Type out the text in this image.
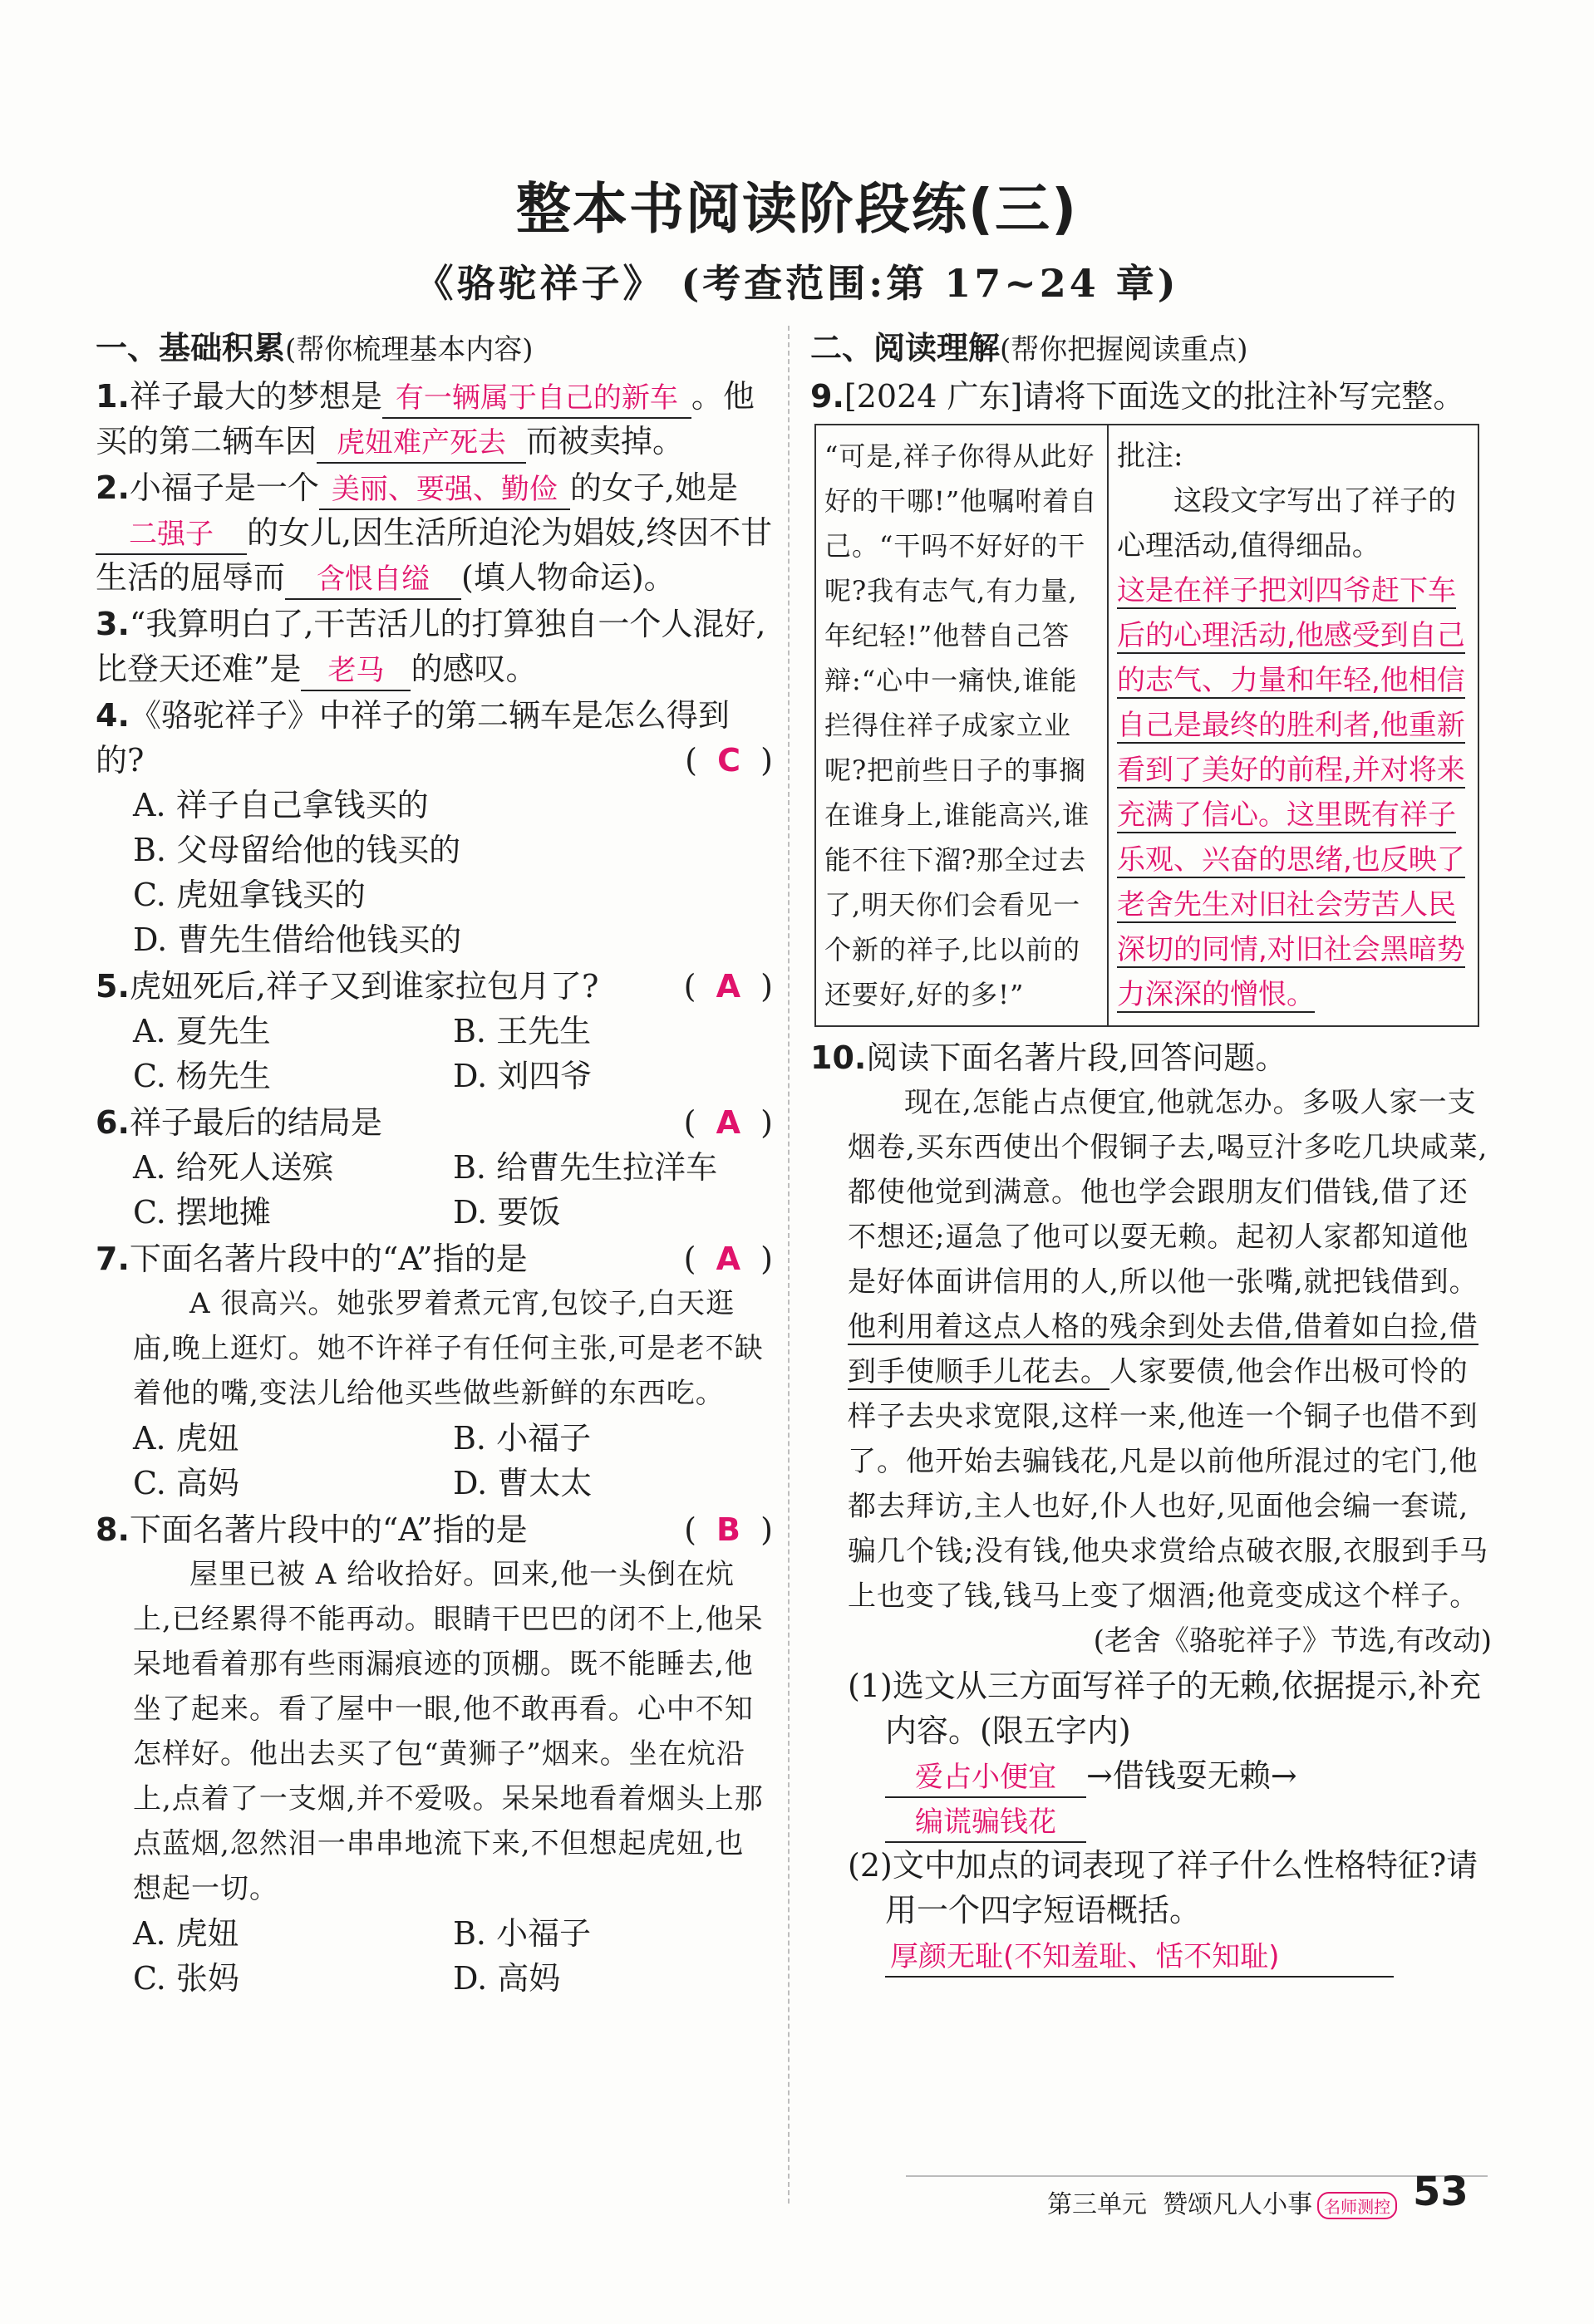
整本书阅读阶段练(三)
《骆驼祥子》 (考查范围:第 17~24 章)
一、基础积累(帮你梳理基本内容)
1.祥子最大的梦想是 有一辆属于自己的新车 。他买的第二辆车因 虎妞难产死去 而被卖掉。
2.小福子是一个 美丽、要强、勤俭 的女子,她是二强子 的女儿,因生活所迫沦为娼妓,终因不甘生活的屈辱而 含恨自缢 (填人物命运)。
3.“我算明白了,干苦活儿的打算独自一个人混好,比登天还难”是 老马 的感叹。
4.《骆驼祥子》中祥子的第二辆车是怎么得到的?	(  C  )
A. 祥子自己拿钱买的
B. 父母留给他的钱买的
C. 虎妞拿钱买的
D. 曹先生借给他钱买的
5.虎妞死后,祥子又到谁家拉包月了?	(  A  )
A. 夏先生	B. 王先生
C. 杨先生	D. 刘四爷
6.祥子最后的结局是	(  A  )
A. 给死人送殡	B. 给曹先生拉洋车
C. 摆地摊	D. 要饭
7.下面名著片段中的“A”指的是	(  A  )
A 很高兴。她张罗着煮元宵,包饺子,白天逛庙,晚上逛灯。她不许祥子有任何主张,可是老不缺着他的嘴,变法儿给他买些做些新鲜的东西吃。
A. 虎妞	B. 小福子
C. 高妈	D. 曹太太
8.下面名著片段中的“A”指的是	(  B  )
屋里已被 A 给收拾好。回来,他一头倒在炕上,已经累得不能再动。眼睛干巴巴的闭不上,他呆呆地看着那有些雨漏痕迹的顶棚。既不能睡去,他坐了起来。看了屋中一眼,他不敢再看。心中不知怎样好。他出去买了包“黄狮子”烟来。坐在炕沿上,点着了一支烟,并不爱吸。呆呆地看着烟头上那点蓝烟,忽然泪一串串地流下来,不但想起虎妞,也想起一切。
A. 虎妞	B. 小福子
C. 张妈	D. 高妈
二、阅读理解(帮你把握阅读重点)
9.[2024 广东]请将下面选文的批注补写完整。
“可是,祥子你得从此好好的干哪!”他嘱咐着自己。“干吗不好好的干呢?我有志气,有力量,年纪轻!”他替自己答辩:“心中一痛快,谁能拦得住祥子成家立业呢?把前些日子的事搁在谁身上,谁能高兴,谁能不往下溜?那全过去了,明天你们会看见一个新的祥子,比以前的还要好,好的多!”	
批注:
这段文字写出了祥子的心理活动,值得细品。
这是在祥子把刘四爷赶下车后的心理活动,他感受到自己的志气、力量和年轻,他相信自己是最终的胜利者,他重新看到了美好的前程,并对将来充满了信心。这里既有祥子乐观、兴奋的思绪,也反映了老舍先生对旧社会劳苦人民深切的同情,对旧社会黑暗势力深深的憎恨。
10.阅读下面名著片段,回答问题。
现在,怎能占点便宜,他就怎办。多吸人家一支烟卷,买东西使出个假铜子去,喝豆汁多吃几块咸菜,都使他觉到满意。他也学会跟朋友们借钱,借了还不想还;逼急了他可以耍无赖。起初人家都知道他是好体面讲信用的人,所以他一张嘴,就把钱借到。他利用着这点人格的残余到处去借,借着如白捡,借到手使顺手儿花去。人家要债,他会作出极可怜的样子去央求宽限,这样一来,他连一个铜子也借不到了。他开始去骗钱花,凡是以前他所混过的宅门,他都去拜访,主人也好,仆人也好,见面他会编一套谎,骗几个钱;没有钱,他央求赏给点破衣服,衣服到手马上也变了钱,钱马上变了烟酒;他竟变成这个样子。
(老舍《骆驼祥子》节选,有改动)
(1)选文从三方面写祥子的无赖,依据提示,补充内容。(限五字内)
爱占小便宜 →借钱耍无赖→编谎骗钱花
(2)文中加点的词表现了祥子什么性格特征?请用一个四字短语概括。
厚颜无耻(不知羞耻、恬不知耻)
第三单元 赞颂凡人小事 名师测控 53
